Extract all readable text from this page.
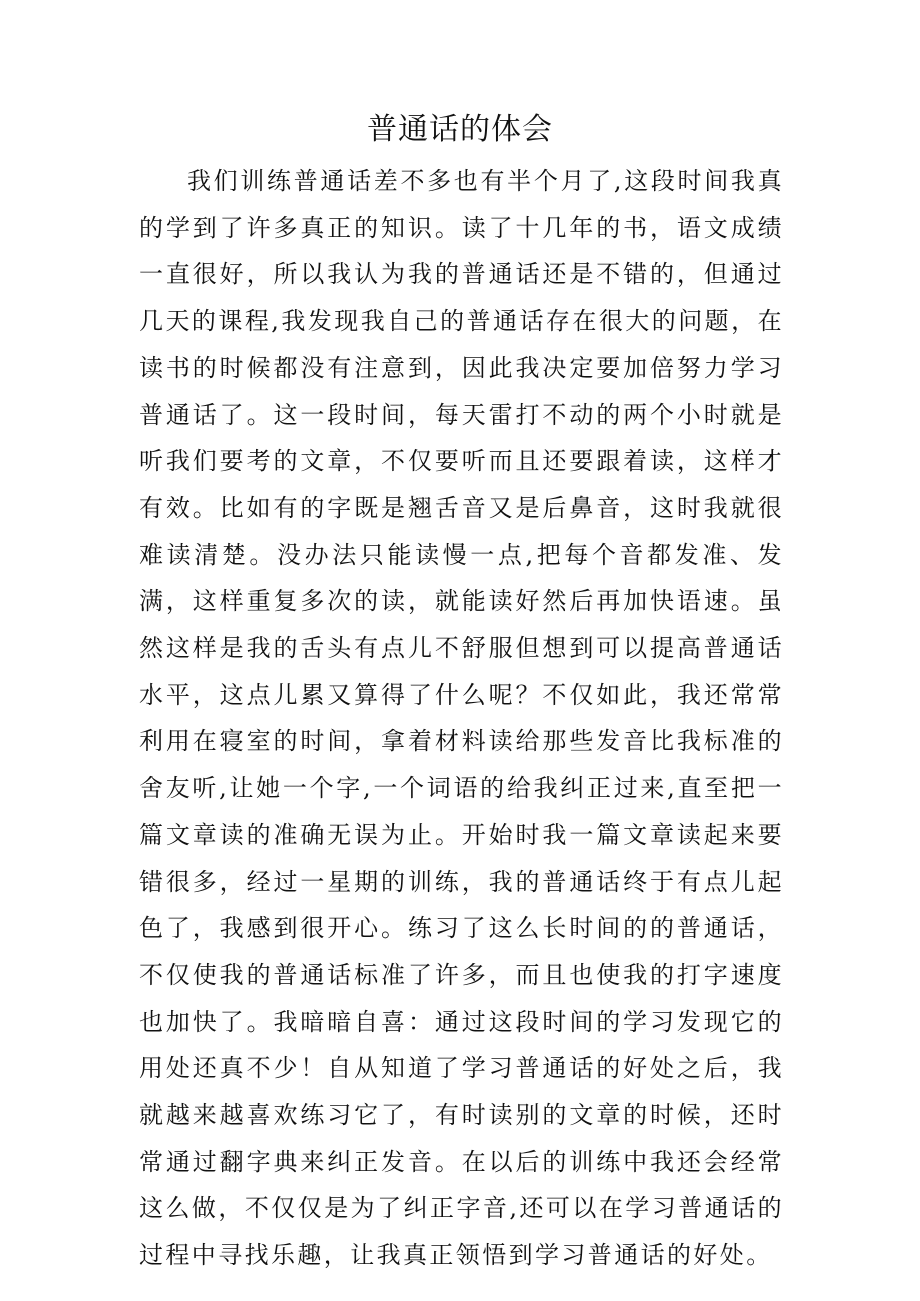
普通话的体会

我们训练普通话差不多也有半个月了,这段时间我真的学到了许多真正的知识。读了十几年的书，语文成绩一直很好，所以我认为我的普通话还是不错的，但通过几天的课程,我发现我自己的普通话存在很大的问题，在读书的时候都没有注意到，因此我决定要加倍努力学习普通话了。这一段时间，每天雷打不动的两个小时就是听我们要考的文章，不仅要听而且还要跟着读，这样才有效。比如有的字既是翘舌音又是后鼻音，这时我就很难读清楚。没办法只能读慢一点,把每个音都发准、发满，这样重复多次的读，就能读好然后再加快语速。虽然这样是我的舌头有点儿不舒服但想到可以提高普通话水平，这点儿累又算得了什么呢？不仅如此，我还常常利用在寝室的时间，拿着材料读给那些发音比我标准的舍友听,让她一个字,一个词语的给我纠正过来,直至把一篇文章读的准确无误为止。开始时我一篇文章读起来要错很多，经过一星期的训练，我的普通话终于有点儿起色了，我感到很开心。练习了这么长时间的的普通话，不仅使我的普通话标准了许多，而且也使我的打字速度也加快了。我暗暗自喜：通过这段时间的学习发现它的用处还真不少！自从知道了学习普通话的好处之后，我就越来越喜欢练习它了，有时读别的文章的时候，还时常通过翻字典来纠正发音。在以后的训练中我还会经常这么做，不仅仅是为了纠正字音,还可以在学习普通话的过程中寻找乐趣，让我真正领悟到学习普通话的好处。
